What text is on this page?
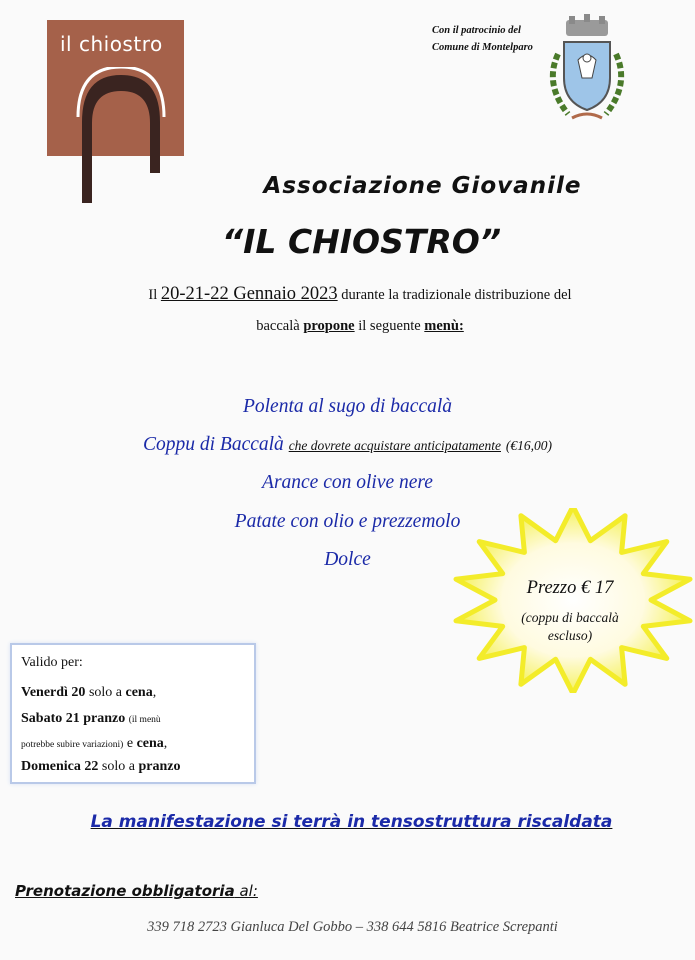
il chiostro
Con il patrocinio del
Comune di Montelparo
Associazione Giovanile
“IL CHIOSTRO”
Il 20-21-22 Gennaio 2023 durante la tradizionale distribuzione del
baccalà propone il seguente menù:
Polenta al sugo di baccalà
Coppu di Baccalà che dovrete acquistare anticipatamente (€16,00)
Arance con olive nere
Patate con olio e prezzemolo
Dolce
Prezzo € 17
(coppu di baccalà
escluso)
Valido per:
Venerdì 20 solo a cena,
Sabato 21 pranzo (il menù
potrebbe subire variazioni) e cena,
Domenica 22 solo a pranzo
La manifestazione si terrà in tensostruttura riscaldata
Prenotazione obbligatoria al:
339 718 2723 Gianluca Del Gobbo – 338 644 5816 Beatrice Screpanti
